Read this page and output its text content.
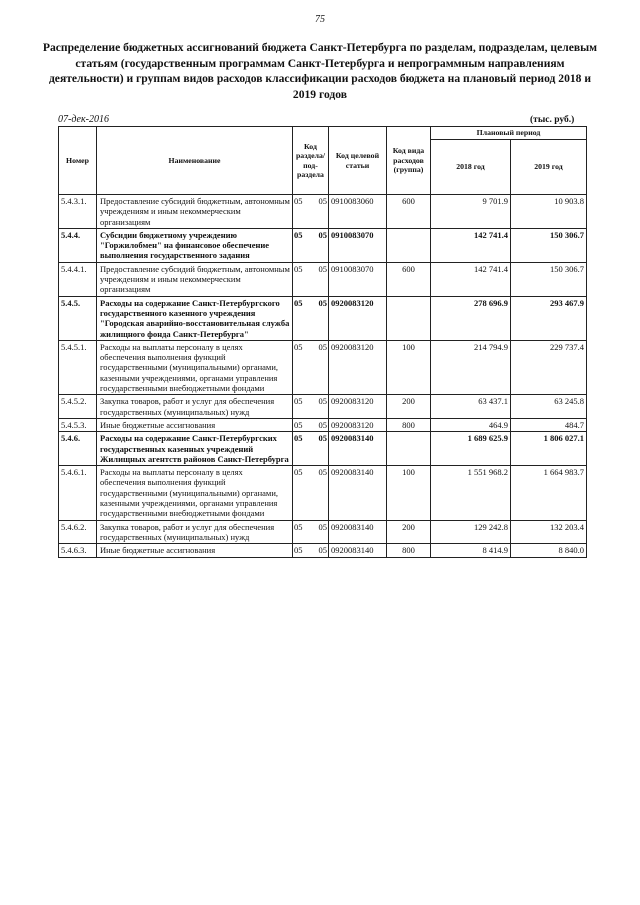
75
Распределение бюджетных ассигнований бюджета Санкт-Петербурга по разделам, подразделам, целевым статьям (государственным программам Санкт-Петербурга и непрограммным направлениям деятельности) и группам видов расходов классификации расходов бюджета на плановый период 2018 и 2019 годов
07-дек-2016	(тыс. руб.)
Номер	Наименование	Код раздела/ под- раздела	Код целевой статьи	Код вида расходов (группа)	Плановый период	
					2018 год	2019 год
5.4.3.1.	Предоставление субсидий бюджетным, автономным учреждениям и иным некоммерческим организациям	05 05	0910083060	600	9 701.9	10 903.8
5.4.4.	Субсидии бюджетному учреждению "Горжилобмен" на финансовое обеспечение выполнения государственного задания	05 05	0910083070		142 741.4	150 306.7
5.4.4.1.	Предоставление субсидий бюджетным, автономным учреждениям и иным некоммерческим организациям	05 05	0910083070	600	142 741.4	150 306.7
5.4.5.	Расходы на содержание Санкт-Петербургского государственного казенного учреждения "Городская аварийно-восстановительная служба жилищного фонда Санкт-Петербурга"	05 05	0920083120		278 696.9	293 467.9
5.4.5.1.	Расходы на выплаты персоналу в целях обеспечения выполнения функций государственными (муниципальными) органами, казенными учреждениями, органами управления государственными внебюджетными фондами	05 05	0920083120	100	214 794.9	229 737.4
5.4.5.2.	Закупка товаров, работ и услуг для обеспечения государственных (муниципальных) нужд	05 05	0920083120	200	63 437.1	63 245.8
5.4.5.3.	Иные бюджетные ассигнования	05 05	0920083120	800	464.9	484.7
5.4.6.	Расходы на содержание Санкт-Петербургских государственных казенных учреждений Жилищных агентств районов Санкт-Петербурга	05 05	0920083140		1 689 625.9	1 806 027.1
5.4.6.1.	Расходы на выплаты персоналу в целях обеспечения выполнения функций государственными (муниципальными) органами, казенными учреждениями, органами управления государственными внебюджетными фондами	05 05	0920083140	100	1 551 968.2	1 664 983.7
5.4.6.2.	Закупка товаров, работ и услуг для обеспечения государственных (муниципальных) нужд	05 05	0920083140	200	129 242.8	132 203.4
5.4.6.3.	Иные бюджетные ассигнования	05 05	0920083140	800	8 414.9	8 840.0
